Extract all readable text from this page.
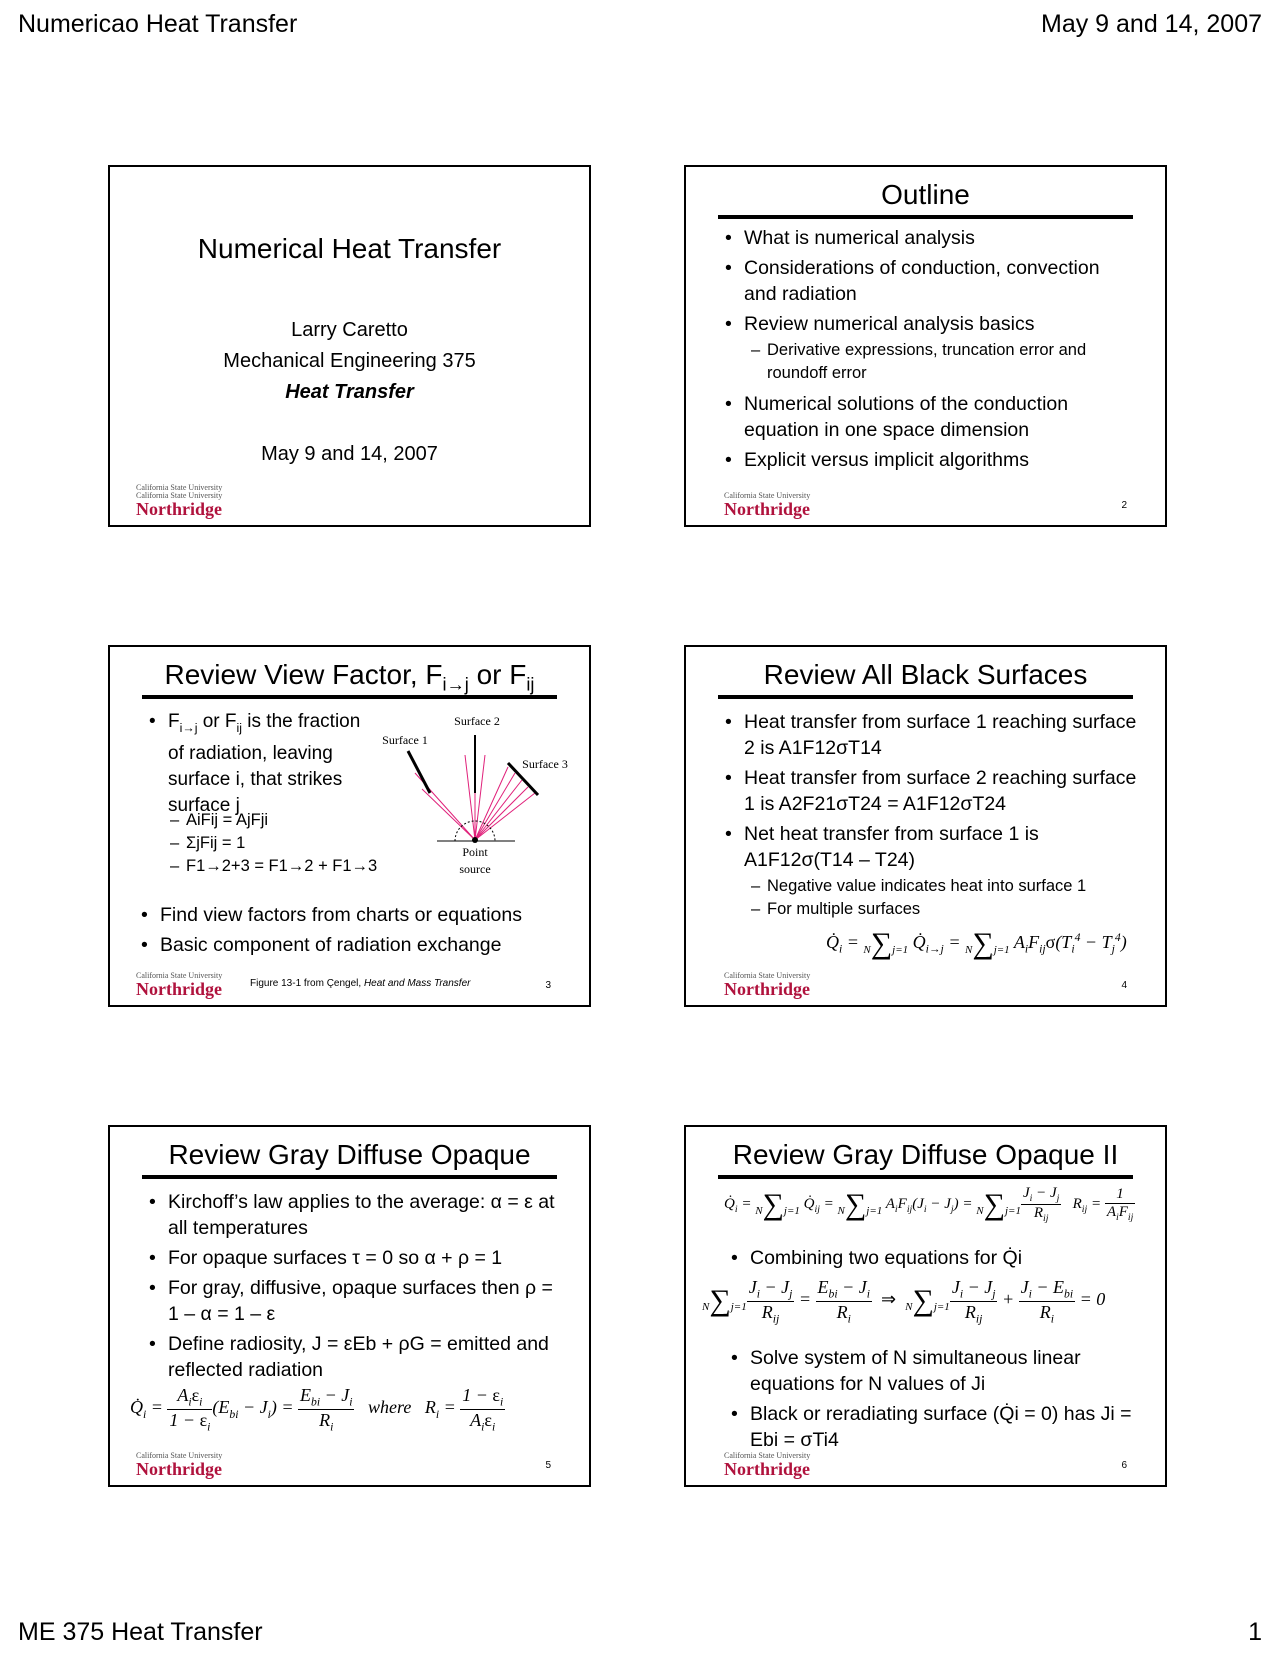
Numericao Heat Transfer	May 9 and 14, 2007
ME 375 Heat Transfer	1
Numerical Heat Transfer
Larry Caretto
Mechanical Engineering 375
Heat Transfer
May 9 and 14, 2007
California State University
California State University
Northridge
Outline
• What is numerical analysis
• Considerations of conduction, convection and radiation
• Review numerical analysis basics
– Derivative expressions, truncation error and roundoff error
• Numerical solutions of the conduction equation in one space dimension
• Explicit versus implicit algorithms
California State University
Northridge	2
Review View Factor, $F_{i\to j}$ or $F_{ij}$
• $F_{i\to j}$ or $F_{ij}$ is the fraction of radiation, leaving surface i, that strikes surface j
– AiFij = AjFji
– ΣjFij = 1
– F1→2+3 = F1→2 + F1→3
• Find view factors from charts or equations
• Basic component of radiation exchange
Surface 2
Surface 1
Surface 3
Point
source
California State University
Northridge	Figure 13-1 from Çengel, Heat and Mass Transfer	3
Review All Black Surfaces
• Heat transfer from surface 1 reaching surface 2 is A1F12σT14
• Heat transfer from surface 2 reaching surface 1 is A2F21σT24 = A1F12σT24
• Net heat transfer from surface 1 is A1F12σ(T14 – T24)
– Negative value indicates heat into surface 1
– For multiple surfaces
$Q̇_i = N\sum j=1$ $Q̇_{i\to j} = N\sum j=1$ $A_iF_{ij}\sigma(T_i^4 - T_j^4)$
California State University
Northridge	4
Review Gray Diffuse Opaque
• Kirchoff’s law applies to the average: α = ε at all temperatures
• For opaque surfaces τ = 0 so α + ρ = 1
• For gray, diffusive, opaque surfaces then ρ = 1 – α = 1 – ε
• Define radiosity, J = εEb + ρG = emitted and reflected radiation
$Q̇_i = \frac{A_i\varepsilon_i}{1 - \varepsilon_i} (E_{bi} - J_i) = \frac{E_{bi} - J_i}{R_i}$ where   $R_i = \frac{1 - \varepsilon_i}{A_i\varepsilon_i}$
California State University
Northridge	5
Review Gray Diffuse Opaque II
$Q̇_i = N\sum j=1$ $Q̇_{ij} = N\sum j=1$ $A_iF_{ij}(J_i - J_j) = N\sum j=1 \frac{J_i - J_j}{R_{ij}} R_{ij} = \frac{1}{A_iF_{ij}}$
• Combining two equations for Q̇i
$N\sum j=1 \frac{J_i - J_j}{R_{ij}} = \frac{E_{bi} - J_i}{R_i}$ ⇒ $N\sum j=1 \frac{J_i - J_j}{R_{ij}} + \frac{J_i - E_{bi}}{R_i} = 0$
• Solve system of N simultaneous linear equations for N values of Ji
• Black or reradiating surface (Q̇i = 0) has Ji = Ebi = σTi4
California State University
Northridge	6
